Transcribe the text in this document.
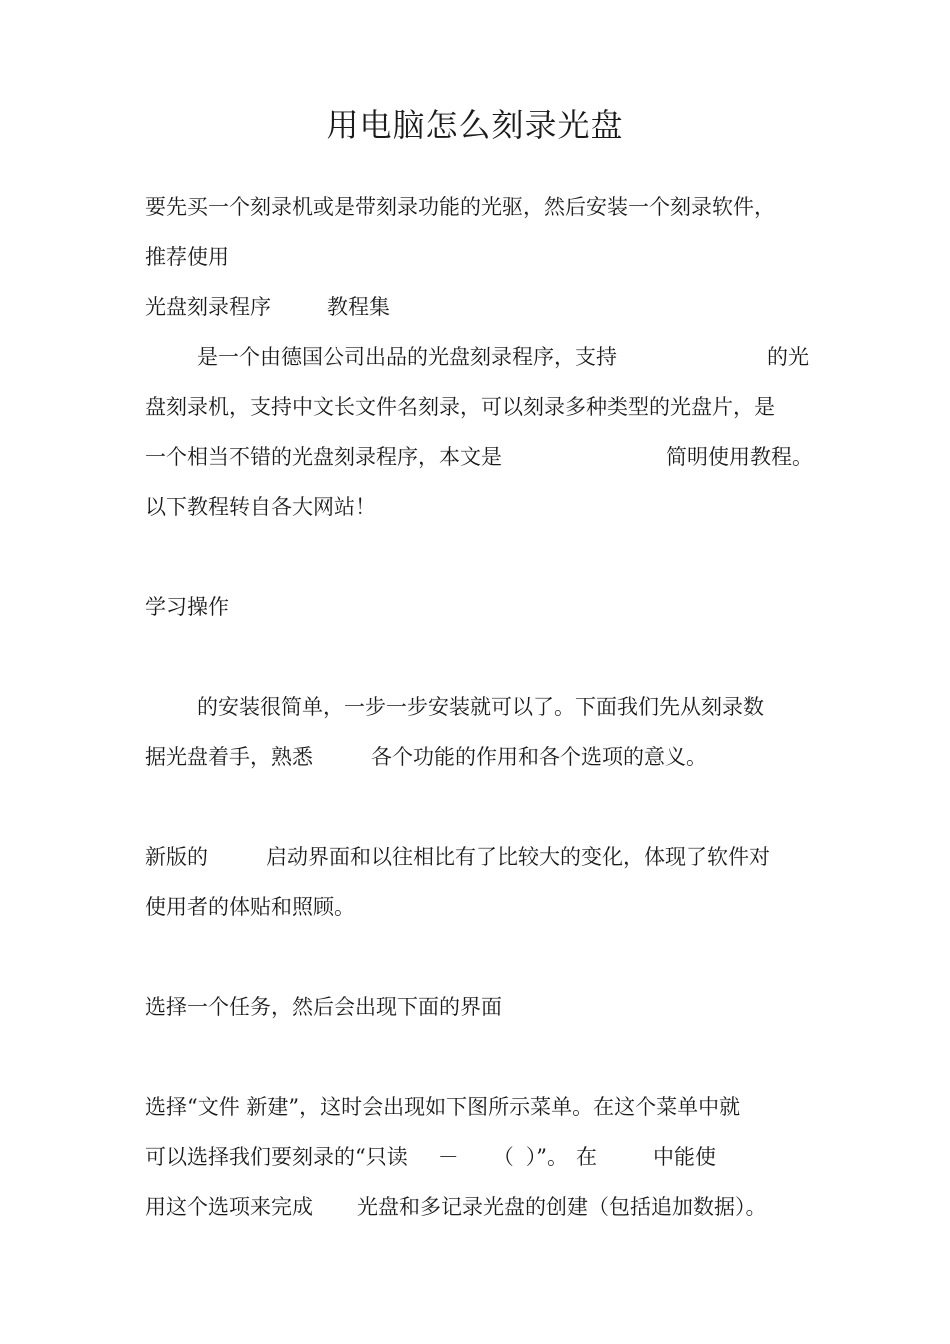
用电脑怎么刻录光盘
要先买一个刻录机或是带刻录功能的光驱，然后安装一个刻录软件，
推荐使用
光盘刻录程序	教程集
是一个由德国公司出品的光盘刻录程序，支持	的光
盘刻录机，支持中文长文件名刻录，可以刻录多种类型的光盘片，是
一个相当不错的光盘刻录程序，本文是	简明使用教程。
以下教程转自各大网站！
学习操作
的安装很简单，一步一步安装就可以了。下面我们先从刻录数
据光盘着手，熟悉	各个功能的作用和各个选项的意义。
新版的	启动界面和以往相比有了比较大的变化，体现了软件对
使用者的体贴和照顾。
选择一个任务，然后会出现下面的界面
选择“文件 新建”，这时会出现如下图所示菜单。在这个菜单中就
可以选择我们要刻录的“只读 － （ ）”。 在	中能使
用这个选项来完成 光盘和多记录光盘的创建（包括追加数据）。
